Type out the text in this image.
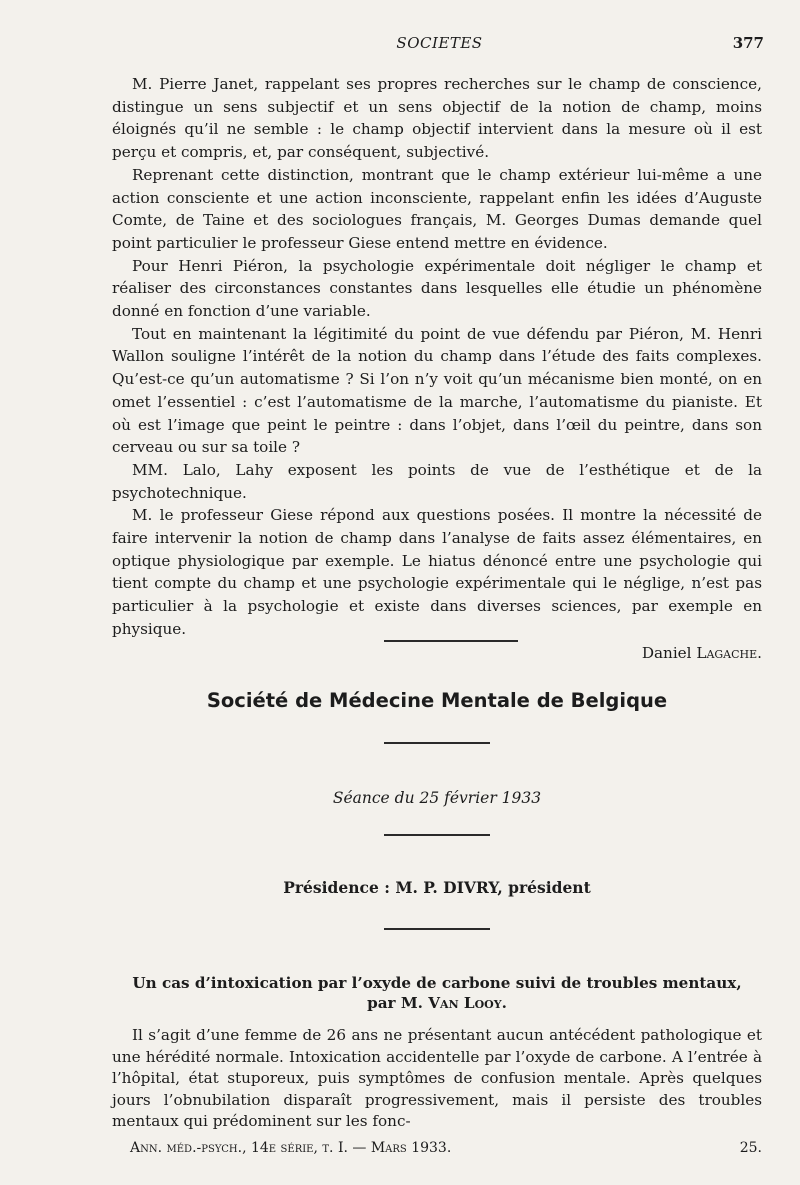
SOCIETES	377

M. Pierre Janet, rappelant ses propres recherches sur le champ de conscience, distingue un sens subjectif et un sens objectif de la notion de champ, moins éloignés qu’il ne semble : le champ objectif intervient dans la mesure où il est perçu et compris, et, par conséquent, subjectivé.

Reprenant cette distinction, montrant que le champ extérieur lui-même a une action consciente et une action inconsciente, rappelant enfin les idées d’Auguste Comte, de Taine et des sociologues français, M. Georges Dumas demande quel point particulier le professeur Giese entend mettre en évidence.

Pour Henri Piéron, la psychologie expérimentale doit négliger le champ et réaliser des circonstances constantes dans lesquelles elle étudie un phénomène donné en fonction d’une variable.

Tout en maintenant la légitimité du point de vue défendu par Piéron, M. Henri Wallon souligne l’intérêt de la notion du champ dans l’étude des faits complexes. Qu’est-ce qu’un automatisme ? Si l’on n’y voit qu’un mécanisme bien monté, on en omet l’essentiel : c’est l’automatisme de la marche, l’automatisme du pianiste. Et où est l’image que peint le peintre : dans l’objet, dans l’œil du peintre, dans son cerveau ou sur sa toile ?

MM. Lalo, Lahy exposent les points de vue de l’esthétique et de la psychotechnique.

M. le professeur Giese répond aux questions posées. Il montre la nécessité de faire intervenir la notion de champ dans l’analyse de faits assez élémentaires, en optique physiologique par exemple. Le hiatus dénoncé entre une psychologie qui tient compte du champ et une psychologie expérimentale qui le néglige, n’est pas particulier à la psychologie et existe dans diverses sciences, par exemple en physique.

Daniel Lagache.
Société de Médecine Mentale de Belgique
Séance du 25 février 1933
Présidence : M. P. DIVRY, président
Un cas d’intoxication par l’oxyde de carbone suivi de troubles mentaux,
par M. Van Looy.

Il s’agit d’une femme de 26 ans ne présentant aucun antécédent pathologique et une hérédité normale. Intoxication accidentelle par l’oxyde de carbone. A l’entrée à l’hôpital, état stuporeux, puis symptômes de confusion mentale. Après quelques jours l’obnubilation disparaît progressivement, mais il persiste des troubles mentaux qui prédominent sur les fonc-

Ann. méd.-psych., 14e série, t. I. — Mars 1933.	25.
